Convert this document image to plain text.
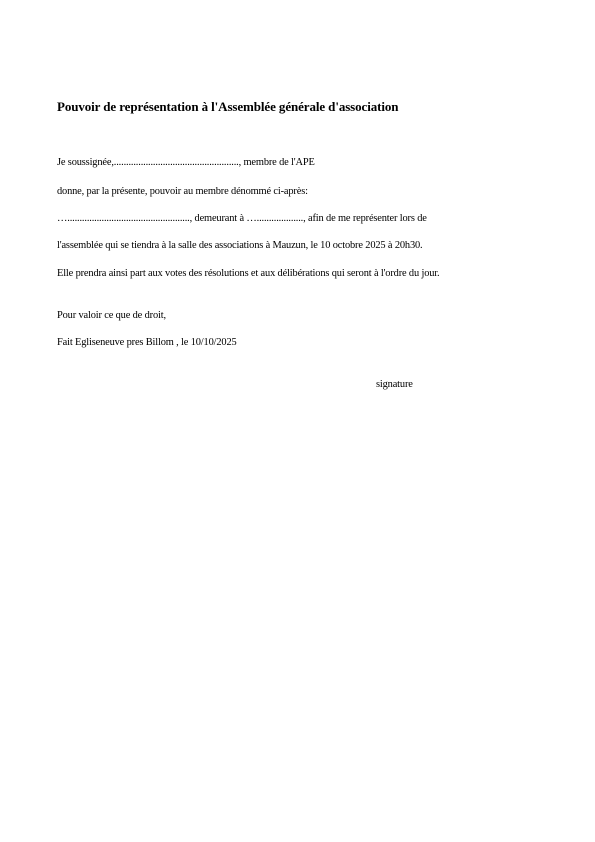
Pouvoir de représentation à l'Assemblée générale d'association
Je soussignée,..................................................., membre de l'APE
donne, par la présente, pouvoir au membre dénommé ci-après:
….................................................., demeurant à …..................., afin de me représenter lors de
l'assemblée qui se tiendra à la salle des associations à Mauzun, le 10 octobre 2025 à 20h30.
Elle prendra ainsi part aux votes des résolutions et aux délibérations qui seront à l'ordre du jour.
Pour valoir ce que de droit,
Fait Egliseneuve pres Billom , le 10/10/2025
signature
